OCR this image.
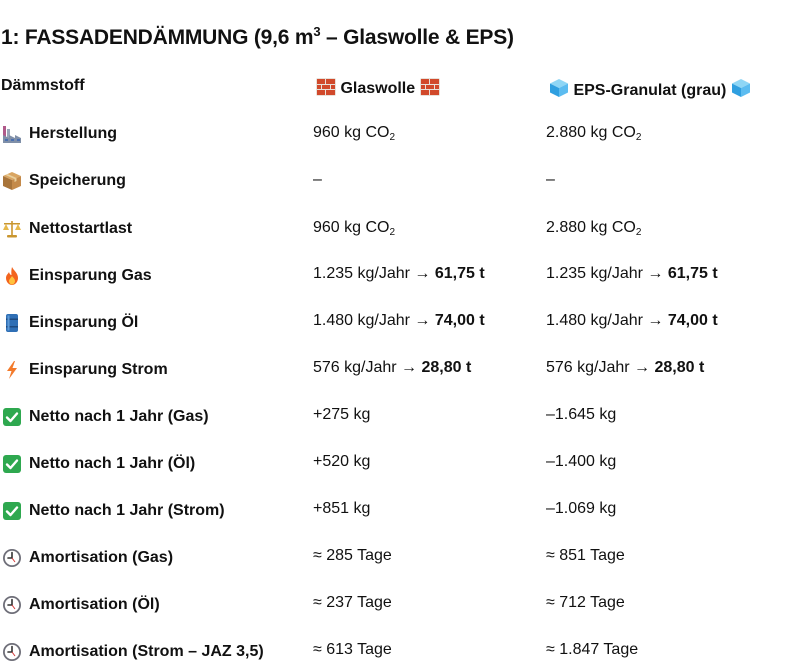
1: FASSADENDÄMMUNG (9,6 $m^3$ – Glaswolle & EPS)
Dämmstoff	Glaswolle	EPS-Granulat (grau)
Herstellung	960 kg $CO_2$	2.880 kg $CO_2$
Speicherung	–	–
Nettostartlast	960 kg $CO_2$	2.880 kg $CO_2$
Einsparung Gas	1.235 kg/Jahr → 61,75 t	1.235 kg/Jahr → 61,75 t
Einsparung Öl	1.480 kg/Jahr → 74,00 t	1.480 kg/Jahr → 74,00 t
Einsparung Strom	576 kg/Jahr → 28,80 t	576 kg/Jahr → 28,80 t
Netto nach 1 Jahr (Gas)	+275 kg	–1.645 kg
Netto nach 1 Jahr (Öl)	+520 kg	–1.400 kg
Netto nach 1 Jahr (Strom)	+851 kg	–1.069 kg
Amortisation (Gas)	≈ 285 Tage	≈ 851 Tage
Amortisation (Öl)	≈ 237 Tage	≈ 712 Tage
Amortisation (Strom – JAZ 3,5)	≈ 613 Tage	≈ 1.847 Tage
